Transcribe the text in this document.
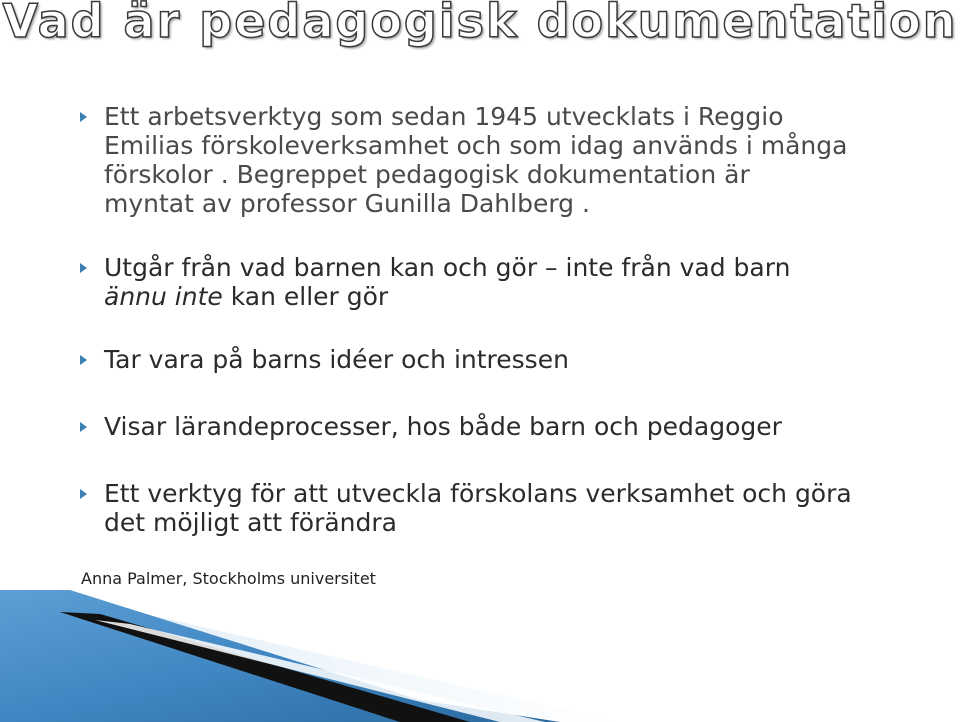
Vad är pedagogisk dokumentation
Ett arbetsverktyg som sedan 1945 utvecklats i Reggio
Emilias förskoleverksamhet och som idag används i många
förskolor . Begreppet pedagogisk dokumentation är
myntat av professor Gunilla Dahlberg .
Utgår från vad barnen kan och gör – inte från vad barn
ännu inte kan eller gör
Tar vara på barns idéer och intressen
Visar lärandeprocesser, hos både barn och pedagoger
Ett verktyg för att utveckla förskolans verksamhet och göra
det möjligt att förändra
Anna Palmer, Stockholms universitet
